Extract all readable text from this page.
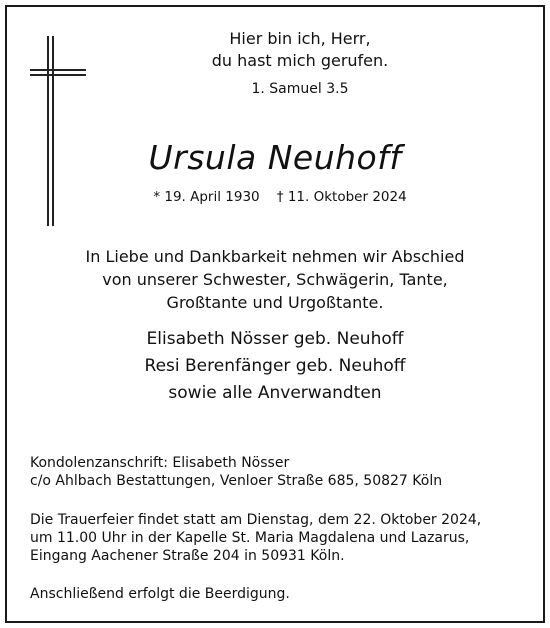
Hier bin ich, Herr,
du hast mich gerufen.
1. Samuel 3.5
Ursula Neuhoff
* 19. April 1930    † 11. Oktober 2024
In Liebe und Dankbarkeit nehmen wir Abschied
von unserer Schwester, Schwägerin, Tante,
Großtante und Urgoßtante.
Elisabeth Nösser geb. Neuhoff
Resi Berenfänger geb. Neuhoff
sowie alle Anverwandten
Kondolenzanschrift: Elisabeth Nösser
c/o Ahlbach Bestattungen, Venloer Straße 685, 50827 Köln
Die Trauerfeier findet statt am Dienstag, dem 22. Oktober 2024,
um 11.00 Uhr in der Kapelle St. Maria Magdalena und Lazarus,
Eingang Aachener Straße 204 in 50931 Köln.
Anschließend erfolgt die Beerdigung.
